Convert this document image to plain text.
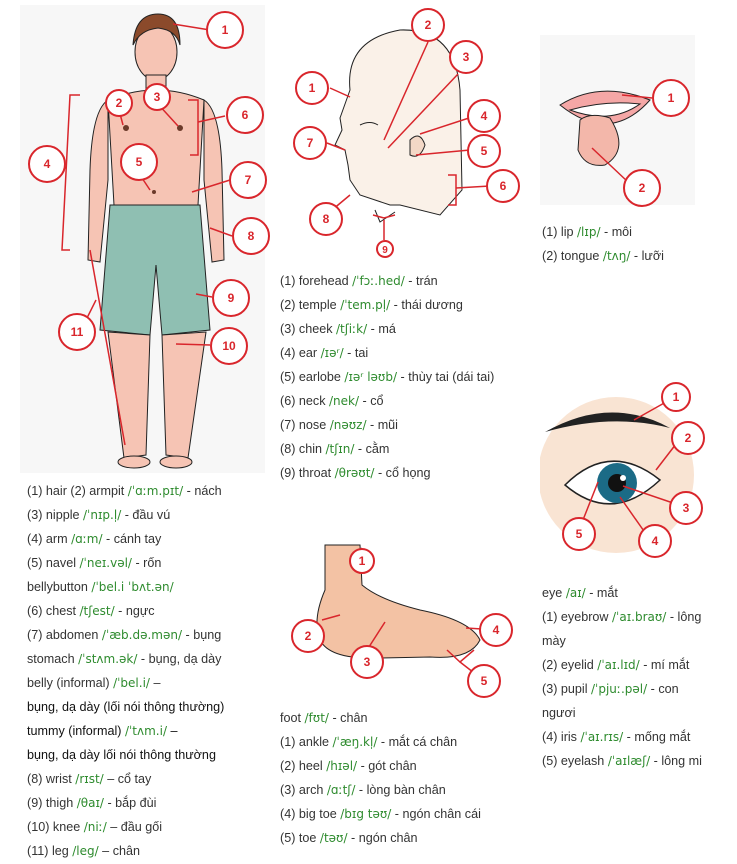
1
2	3
4	5
6
7
8
9
10
11
1
2
3
4
5
6
7
8
9
1
2
1
2
3
4
5
1
2
3
4
5
(1) hair (2) armpit /ˈɑːm.pɪt/ - nách
(3) nipple /ˈnɪp.l̩/ - đầu vú
(4) arm /ɑːm/ - cánh tay
(5) navel /ˈneɪ.vəl/ - rốn
bellybutton /ˈbel.i ˈbʌt.ən/
(6) chest /tʃest/ - ngực
(7) abdomen /ˈæb.də.mən/ - bụng
stomach /ˈstʌm.ək/ - bụng, dạ dày
belly (informal) /ˈbel.i/ –
bụng, dạ dày (lối nói thông thường)
tummy (informal) /ˈtʌm.i/ –
bụng, dạ dày lối nói thông thường
(8) wrist /rɪst/ – cổ tay
(9) thigh /θaɪ/ - bắp đùi
(10) knee /niː/ – đầu gối
(11) leg /leg/ – chân
(1) forehead /ˈfɔː.hed/ - trán
(2) temple /ˈtem.pl̩/ - thái dương
(3) cheek /tʃiːk/ - má
(4) ear /ɪəʳ/ - tai
(5) earlobe /ɪəʳ ləʊb/ - thùy tai (dái tai)
(6) neck /nek/ - cổ
(7) nose /nəʊz/ - mũi
(8) chin /tʃɪn/ - cằm
(9) throat /θrəʊt/ - cổ họng
(1) lip /lɪp/ - môi
(2) tongue /tʌŋ/ - lưỡi
eye /aɪ/ - mắt
(1) eyebrow /ˈaɪ.braʊ/ - lông
mày
(2) eyelid /ˈaɪ.lɪd/ - mí mắt
(3) pupil /ˈpjuː.pəl/ - con
ngươi
(4) iris /ˈaɪ.rɪs/ - mống mắt
(5) eyelash /ˈaɪlæʃ/ - lông mi
foot /fʊt/ - chân
(1) ankle /ˈæŋ.kl̩/ - mắt cá chân
(2) heel /hɪəl/ - gót chân
(3) arch /ɑːtʃ/ - lòng bàn chân
(4) big toe /bɪg təʊ/ - ngón chân cái
(5) toe /təʊ/ - ngón chân
